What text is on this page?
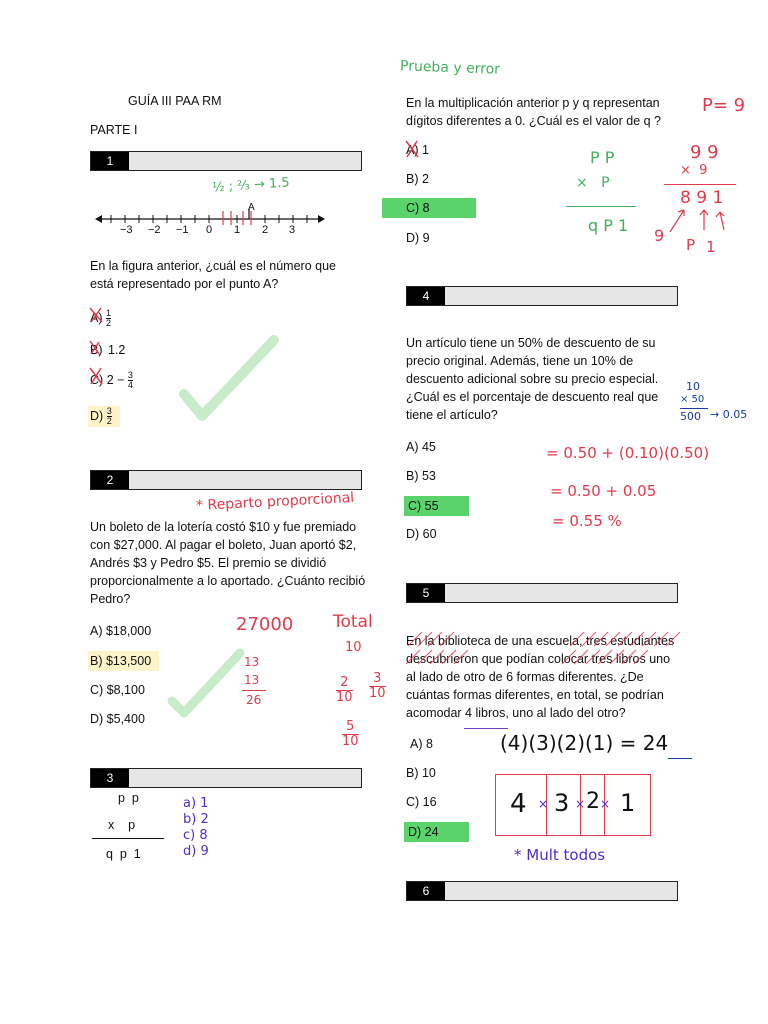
GUÍA III PAA RM
PARTE I
1
−3 −2 −1 0 1 2 3
A
½ ; ⅔ → 1.5
En la figura anterior, ¿cuál es el número que está representado por el punto A?
$A) \frac{1}{2}$
1.2
B)
C) $2 - \frac{3}{4}$
$D) \frac{3}{2}$
2
* Reparto proporcional
Un boleto de la lotería costó $10 y fue premiado con $27,000. Al pagar el boleto, Juan aportó $2, Andrés $3 y Pedro $5. El premio se dividió proporcionalmente a lo aportado. ¿Cuánto recibió Pedro?
A) $18,000
B) $13,500
C) $8,100
D) $5,400
27000 Total
10
13
13
26	$\frac{2}{10} \frac{3}{10}$
$\frac{5}{10}$
3
p  p
x    p
q  p  1
a) 1
b) 2
c) 8
d) 9
Prueba y error
En la multiplicación anterior p y q representan dígitos diferentes a 0. ¿Cuál es el valor de q ?
P= 9
A) 1
B) 2
C) 8
D) 9
P P
×   P
q P 1
9 9
×  9
8 9 1
9 P 1
4
Un artículo tiene un 50% de descuento de su precio original. Además, tiene un 10% de descuento adicional sobre su precio especial. ¿Cuál es el porcentaje de descuento real que tiene el artículo?
A) 45
B) 53
C) 55
D) 60
10
× 50
500 → 0.05
= 0.50 + (0.10)(0.50)
= 0.50 + 0.05
= 0.55 %
5
En la biblioteca de una escuela, tres estudiantes descubrieron que podían colocar tres libros uno al lado de otro de 6 formas diferentes. ¿De cuántas formas diferentes, en total, se podrían acomodar 4 libros, uno al lado del otro?
A) 8
B) 10
C) 16
D) 24
(4)(3)(2)(1) = 24
4 3 2 1
× × ×
* Mult todos
6
